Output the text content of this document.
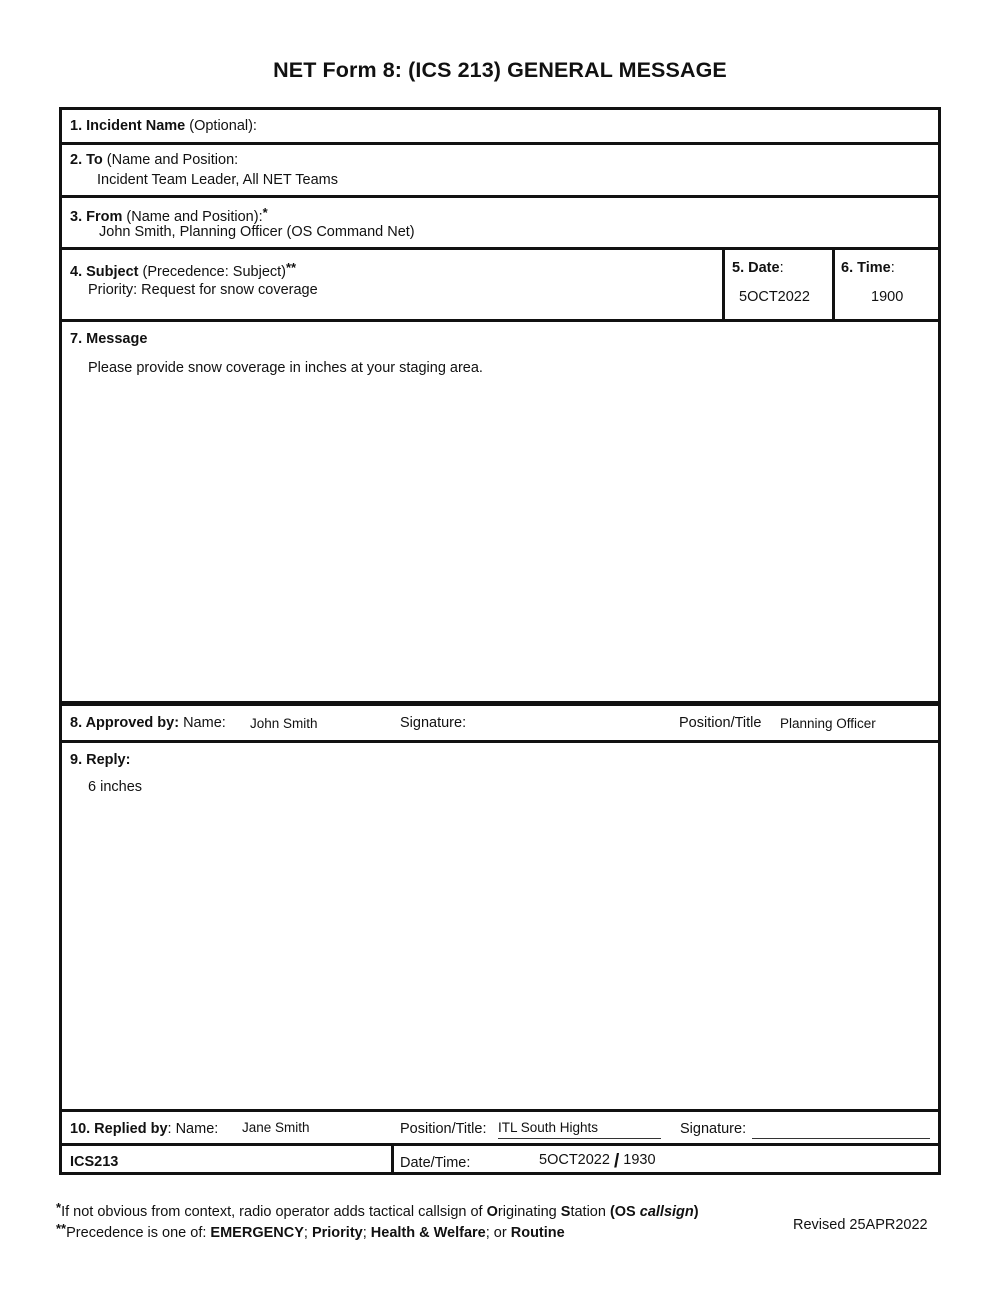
NET Form 8: (ICS 213) GENERAL MESSAGE
1. Incident Name (Optional):
2. To (Name and Position:
Incident Team Leader, All NET Teams
3. From (Name and Position):*
John Smith, Planning Officer (OS Command Net)
4. Subject (Precedence: Subject)**
Priority: Request for snow coverage
5. Date:
5OCT2022
6. Time:
1900
7. Message
Please provide snow coverage in inches at your staging area.
8. Approved by: Name: John Smith	Signature:	Position/Title Planning Officer
9. Reply:
6 inches
10. Replied by: Name: Jane Smith	Position/Title: ITL South Hights	Signature:
ICS213	Date/Time:	5OCT2022 / 1930
*If not obvious from context, radio operator adds tactical callsign of Originating Station (OS callsign)
**Precedence is one of: EMERGENCY; Priority; Health & Welfare; or Routine	Revised 25APR2022
